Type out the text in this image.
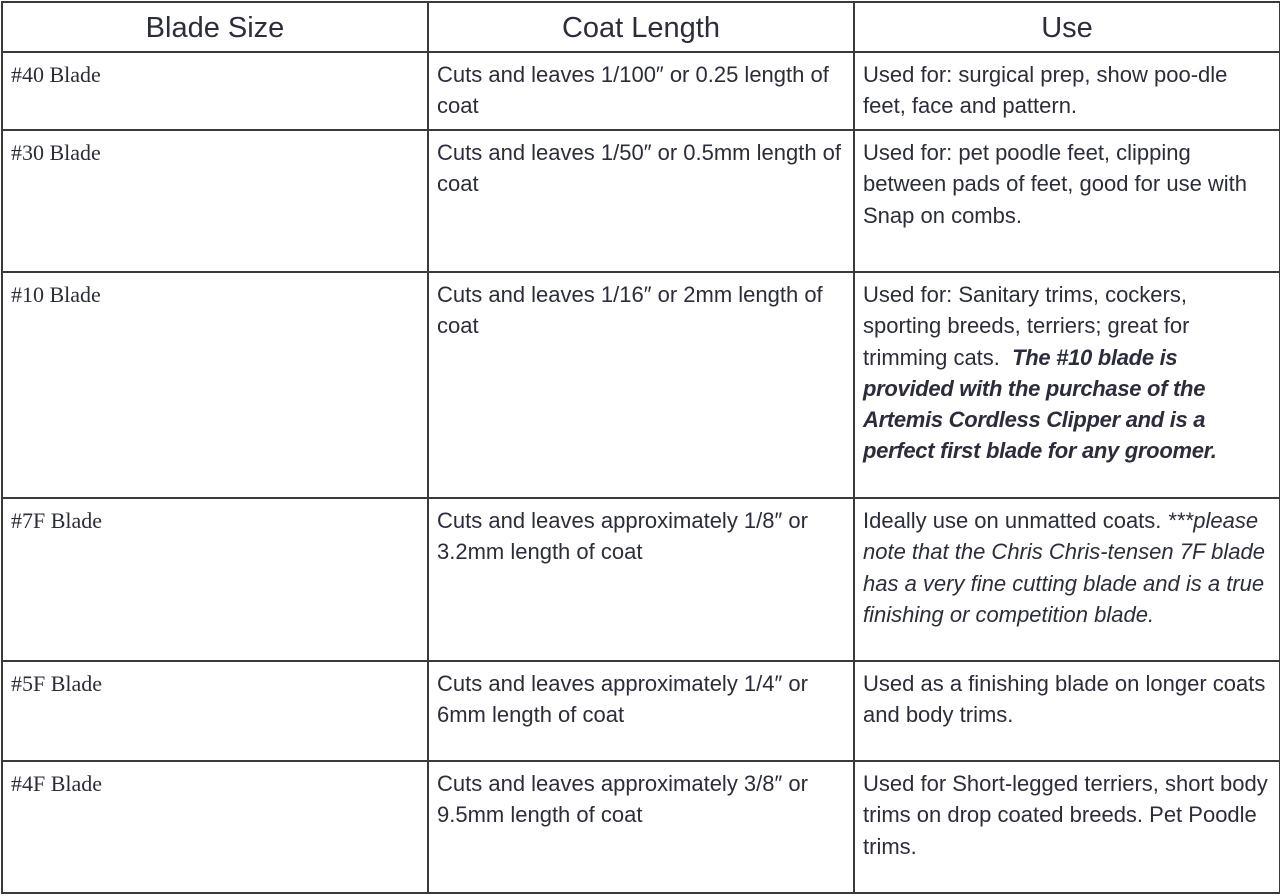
Blade Size	Coat Length	Use
#40 Blade	Cuts and leaves 1/100″ or 0.25 length of coat	Used for: surgical prep, show poo-dle feet, face and pattern.
#30 Blade	Cuts and leaves 1/50″ or 0.5mm length of coat	Used for: pet poodle feet, clipping between pads of feet, good for use with Snap on combs.
#10 Blade	Cuts and leaves 1/16″ or 2mm length of coat	Used for: Sanitary trims, cockers, sporting breeds, terriers; great for trimming cats. The #10 blade is provided with the purchase of the Artemis Cordless Clipper and is a perfect first blade for any groomer.
#7F Blade	Cuts and leaves approximately 1/8″ or 3.2mm length of coat	Ideally use on unmatted coats. ***please note that the Chris Chris-tensen 7F blade has a very fine cutting blade and is a true finishing or competition blade.
#5F Blade	Cuts and leaves approximately 1/4″ or 6mm length of coat	Used as a finishing blade on longer coats and body trims.
#4F Blade	Cuts and leaves approximately 3/8″ or 9.5mm length of coat	Used for Short-legged terriers, short body trims on drop coated breeds. Pet Poodle trims.
